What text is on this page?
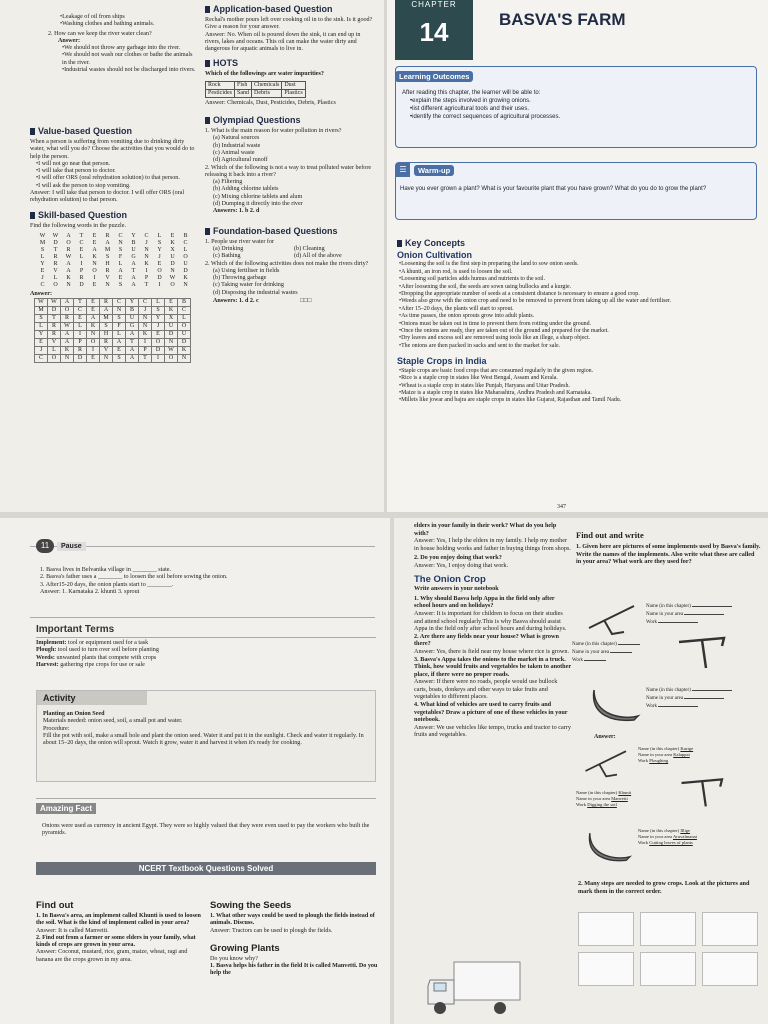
• Leakage of oil from ships
• Washing clothes and bathing animals.
2. How can we keep the river water clean?
Answer:
• We should not throw any garbage into the river.
• We should not wash our clothes or bathe the animals in the river.
• Industrial wastes should not be discharged into rivers.
Value-based Question
When a person is suffering from vomiting due to drinking dirty water, what will you do? Choose the activities that you would do to help the person.
• I will not go near that person.
• I will take that person to doctor.
• I will offer ORS (oral rehydration solution) to that person.
• I will ask the person to stop vomiting.
Answer: I will take that person to doctor. I will offer ORS (oral rehydration solution) to that person.
Skill-based Question
Find the following words in the puzzle.
W	W	A	T	E	R	C	Y	C	L	E	B
M	D	O	C	E	A	N	B	J	S	K	C
S	T	R	E	A	M	S	U	N	Y	X	L
L	R	W	L	K	S	F	G	N	J	U	O
Y	R	A	I	N	H	L	A	K	E	D	U
E	V	A	P	O	R	A	T	I	O	N	D
J	L	K	R	I	V	E	A	P	D	W	K
C	O	N	D	E	N	S	A	T	I	O	N
Answer:
W	W	A	T	E	R	C	Y	C	L	E	B
M	D	O	C	E	A	N	B	J	S	K	C
S	T	R	E	A	M	S	U	N	Y	X	L
L	R	W	L	K	S	F	G	N	J	U	O
Y	R	A	I	N	H	L	A	K	E	D	U
E	V	A	P	O	R	A	T	I	O	N	D
J	L	K	R	I	V	E	A	P	D	W	K
C	O	N	D	E	N	S	A	T	I	O	N
Application-based Question
Rechal's mother pours left over cooking oil in to the sink. Is it good? Give a reason for your answer.
Answer: No. When oil is poured down the sink, it can end up in rivers, lakes and oceans. This oil can make the water dirty and dangerous for aquatic animals to live in.
HOTS
Which of the followings are water impurities?
Rock	Fish	Chemicals	Dust
Pesticides	Sand	Debris	Plastics
Answer: Chemicals, Dust, Pesticides, Debris, Plastics
Olympiad Questions
1. What is the main reason for water pollution in rivers?
(a) Natural sources
(b) Industrial waste
(c) Animal waste
(d) Agricultural runoff
2. Which of the following is not a way to treat polluted water before releasing it back into a river?
(a) Filtering
(b) Adding chlorine tablets
(c) Mixing chlorine tablets and alum
(d) Dumping it directly into the river
Answers: 1. b 2. d
Foundation-based Questions
1. People use river water for
(a) Drinking	(b) Cleaning
(c) Bathing	(d) All of the above
2. Which of the following activities does not make the rivers dirty?
(a) Using fertiliser in fields
(b) Throwing garbage
(c) Taking water for drinking
(d) Disposing the industrial wastes
Answers: 1. d 2. c	□□□
CHAPTER
14	BASVA'S FARM
Learning Outcomes
After reading this chapter, the learner will be able to:
• explain the steps involved in growing onions.
• list different agricultural tools and their uses.
• identify the correct sequences of agricultural processes.
☰	Warm-up
Have you ever grown a plant? What is your favourite plant that you have grown? What do you do to grow the plant?
Key Concepts
Onion Cultivation
• Loosening the soil is the first step in preparing the land to sow onion seeds.
• A khunti, an iron rod, is used to loosen the soil.
• Loosening soil particles adds humus and nutrients to the soil.
• After loosening the soil, the seeds are sown using bullocks and a kurgie.
• Dropping the appropriate number of seeds at a consistent distance is necessary to ensure a good crop.
• Weeds also grow with the onion crop and need to be removed to prevent from taking up all the water and fertiliser.
• After 15–20 days, the plants will start to sprout.
• As time passes, the onion sprouts grow into adult plants.
• Onions must be taken out in time to prevent them from rotting under the ground.
• Once the onions are ready, they are taken out of the ground and prepared for the market.
• Dry leaves and excess soil are removed using tools like an illege, a sharp object.
• The onions are then packed in sacks and sent to the market for sale.
Staple Crops in India
• Staple crops are basic food crops that are consumed regularly in the given region.
• Rice is a staple crop in states like West Bengal, Assam and Kerala.
• Wheat is a staple crop in states like Punjab, Haryana and Uttar Pradesh.
• Maize is a staple crop in states like Maharashtra, Andhra Pradesh and Karnataka.
• Millets like jowar and bajra are staple crops in states like Gujarat, Rajasthan and Tamil Nadu.
347
11	Pause
1. Basva lives in Belvanika village in ________ state.
2. Basva's father uses a ________ to loosen the soil before sowing the onion.
3. After15-20 days, the onion plants start to ________.
Answer: 1. Karnataka 2. khunti 3. sprout
Important Terms
Implement: tool or equipment used for a task
Plough: tool used to turn over soil before planting
Weeds: unwanted plants that compete with crops
Harvest: gathering ripe crops for use or sale
Activity
Planting an Onion Seed
Materials needed: onion seed, soil, a small pot and water.
Procedure:
Fill the pot with soil, make a small hole and plant the onion seed. Water it and put it in the sunlight. Check and water it regularly. In about 15–20 days, the onion will sprout. Watch it grow, water it and harvest it when it's ready for cooking.
Amazing Fact
Onions were used as currency in ancient Egypt. They were so highly valued that they were even used to pay the workers who built the pyramids.
NCERT Textbook Questions Solved
Find out
1. In Basva's area, an implement called Khunti is used to loosen the soil. What is the kind of implement called in your area?
Answer: It is called Manvetti.
2. Find out from a farmer or some elders in your family, what kinds of crops are grown in your area.
Answer: Coconut, mustard, rice, gram, maize, wheat, ragi and banana are the crops grown in my area.
Sowing the Seeds
1. What other ways could be used to plough the fields instead of animals. Discuss.
Answer: Tractors can be used to plough the fields.
Growing Plants
Do you know why?
1. Basva helps his father in the field It is called Manvetti. Do you help the
elders in your family in their work? What do you help with?
Answer: Yes, I help the elders in my family. I help my mother in house holding works and father in buying things from shops.
2. Do you enjoy doing that work?
Answer: Yes, I enjoy doing that work.
The Onion Crop
Write answers in your notebook
1. Why should Basva help Appa in the field only after school hours and on holidays?
Answer: It is important for children to focus on their studies and attend school regularly.This is why Basva should assist Appa in the field only after school hours and during holidays.
2. Are there any fields near your house? What is grown there?
Answer: Yes, there is field near my house where rice is grown.
3. Basva's Appa takes the onions to the market in a truck. Think, how would fruits and vegetables be taken to another place, if there were no proper roads.
Answer: If there were no roads, people would use bullock carts, boats, donkeys and other ways to take fruits and vegetables to different places.
4. What kind of vehicles are used to carry fruits and vegetables? Draw a picture of one of these vehicles in your notebook.
Answer: We use vehicles like tempo, trucks and tractor to carry fruits and vegetables.
Find out and write
1. Given here are pictures of some implements used by Basva's family. Write the names of the implements. Also write what these are called in your area? What work are they used for?
Name (in this chapter)
Name in your area
Work
Name (in this chapter)
Name in your area
Work
Name (in this chapter)
Name in your area
Work
Answer:
Name (in this chapter) Kurige
Name in your area Kalappai
Work Ploughing
Name (in this chapter) Khunti
Name in your area Manvetti
Work Digging the soil
Name (in this chapter) Illige
Name in your area Aruvalmanai
Work Cutting leaves of plants
2. Many steps are needed to grow crops. Look at the pictures and mark them in the correct order.
